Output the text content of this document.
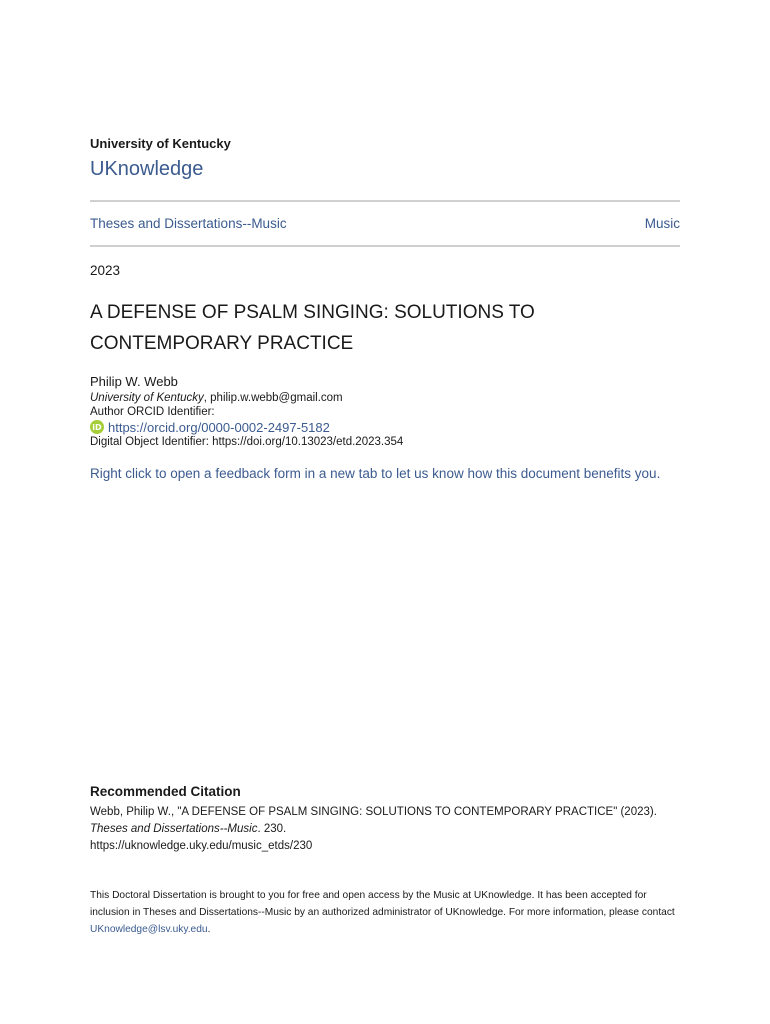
University of Kentucky
UKnowledge
Theses and Dissertations--Music	Music
2023
A DEFENSE OF PSALM SINGING: SOLUTIONS TO CONTEMPORARY PRACTICE
Philip W. Webb
University of Kentucky, philip.w.webb@gmail.com
Author ORCID Identifier:
iD https://orcid.org/0000-0002-2497-5182
Digital Object Identifier: https://doi.org/10.13023/etd.2023.354
Right click to open a feedback form in a new tab to let us know how this document benefits you.
Recommended Citation
Webb, Philip W., "A DEFENSE OF PSALM SINGING: SOLUTIONS TO CONTEMPORARY PRACTICE" (2023).
Theses and Dissertations--Music. 230.
https://uknowledge.uky.edu/music_etds/230
This Doctoral Dissertation is brought to you for free and open access by the Music at UKnowledge. It has been accepted for inclusion in Theses and Dissertations--Music by an authorized administrator of UKnowledge. For more information, please contact UKnowledge@lsv.uky.edu.
